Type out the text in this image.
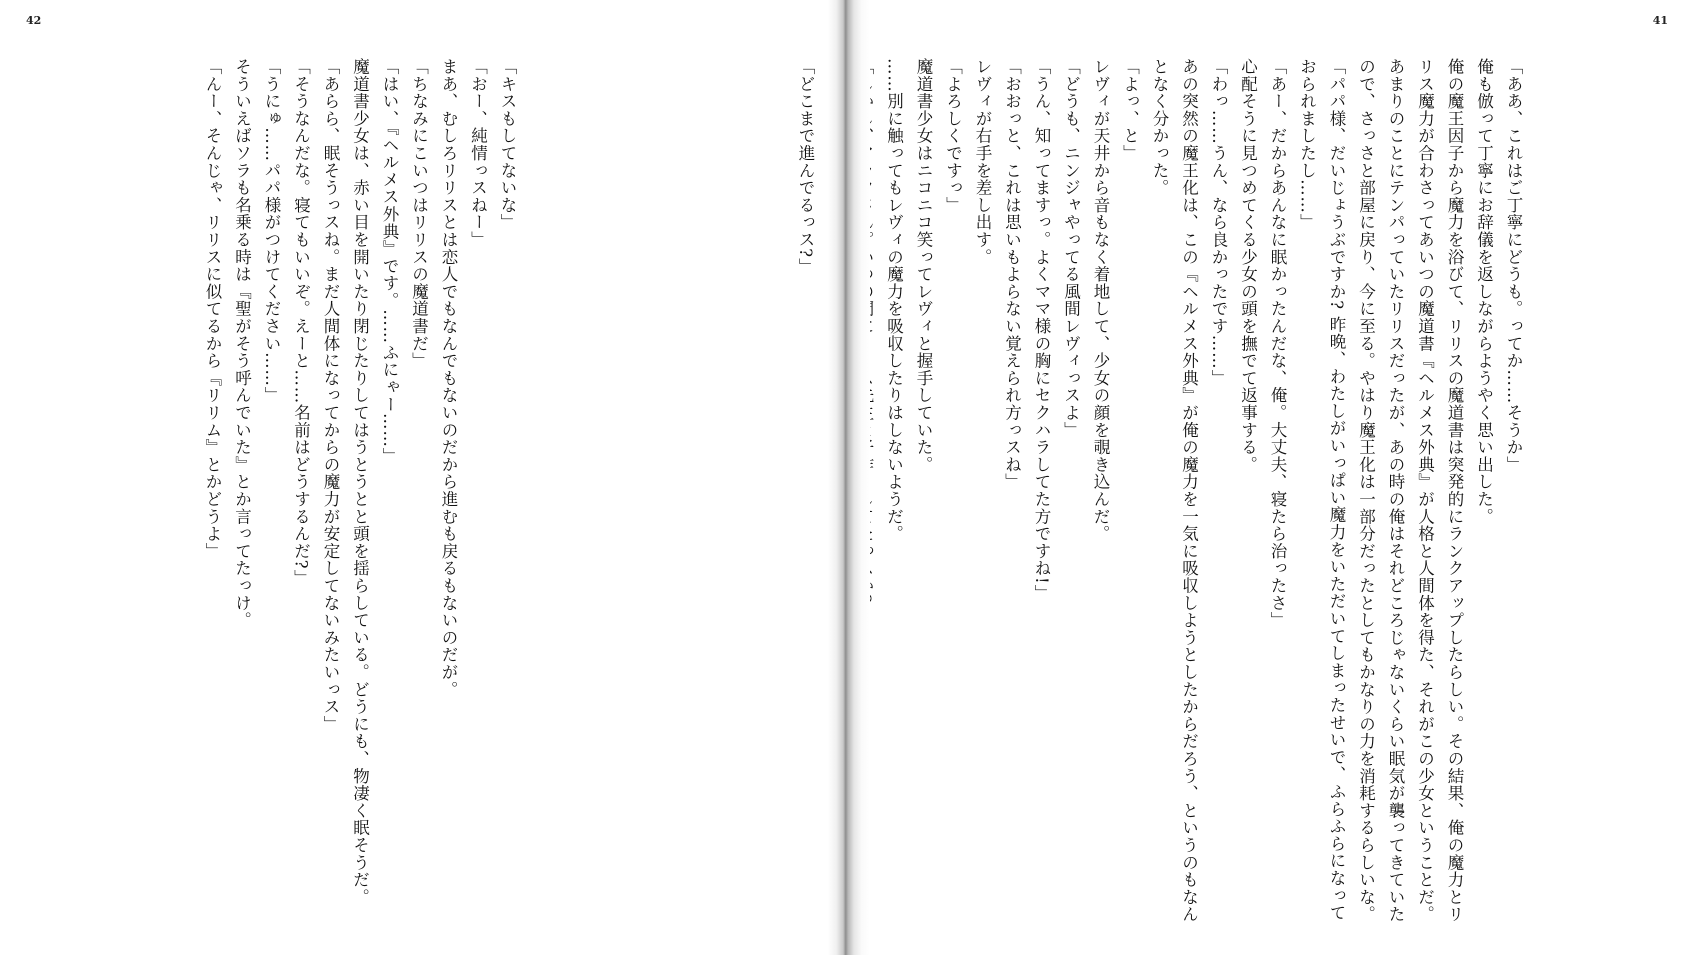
42
「キスもしてないな」
「おー、純情っスねー」
まあ、むしろリリスとは恋人でもなんでもないのだから進むも戻るもないのだが。
「ちなみにこいつはリリスの魔道書だ」
「はい、『ヘルメス外典』です。……ふにゃー……」
魔道書少女は、赤い目を開いたり閉じたりしてはうとうとと頭を揺らしている。どうにも、物凄く眠そうだ。
「あらら、眠そうっスね。まだ人間体になってからの魔力が安定してないみたいっス」
「そうなんだな。寝てもいいぞ。えーと……名前はどうするんだ?」
「うにゅ……パパ様がつけてください……」
そういえばソラも名乗る時は『聖がそう呼んでいた』とか言ってたっけ。
「んー、そんじゃ、リリスに似てるから『リリム』とかどうよ」
41
「ああ、これはご丁寧にどうも。ってか……そうか」
俺も倣って丁寧にお辞儀を返しながらようやく思い出した。
俺の魔王因子から魔力を浴びて、リリスの魔道書は突発的にランクアップしたらしい。その結果、俺の魔力とリ
リス魔力が合わさってあいつの魔道書『ヘルメス外典』が人格と人間体を得た、それがこの少女ということだ。
あまりのことにテンパっていたリリスだったが、あの時の俺はそれどころじゃないくらい眠気が襲ってきていた
ので、さっさと部屋に戻り、今に至る。やはり魔王化は一部分だったとしてもかなりの力を消耗するらしいな。
「パパ様、だいじょうぶですか? 昨晩、わたしがいっぱい魔力をいただいてしまったせいで、ふらふらになって
おられましたし……」
「あー、だからあんなに眠かったんだな、俺。大丈夫、寝たら治ったさ」
心配そうに見つめてくる少女の頭を撫でて返事する。
「わっ……うん、なら良かったです……」
あの突然の魔王化は、この『ヘルメス外典』が俺の魔力を一気に吸収しようとしたからだろう、というのもなん
となく分かった。
「よっ、と」
レヴィが天井から音もなく着地して、少女の顔を覗き込んだ。
「どうも、ニンジャやってる風間レヴィっスよ」
「うん、知ってますっ。よくママ様の胸にセクハラしてた方ですね!」
「おおっと、これは思いもよらない覚えられ方っスね」
レヴィが右手を差し出す。
「よろしくですっ」
魔道書少女はニコニコ笑ってレヴィと握手していた。
……別に触ってもレヴィの魔力を吸収したりはしないようだ。
「どこまで進んでるっス?」
